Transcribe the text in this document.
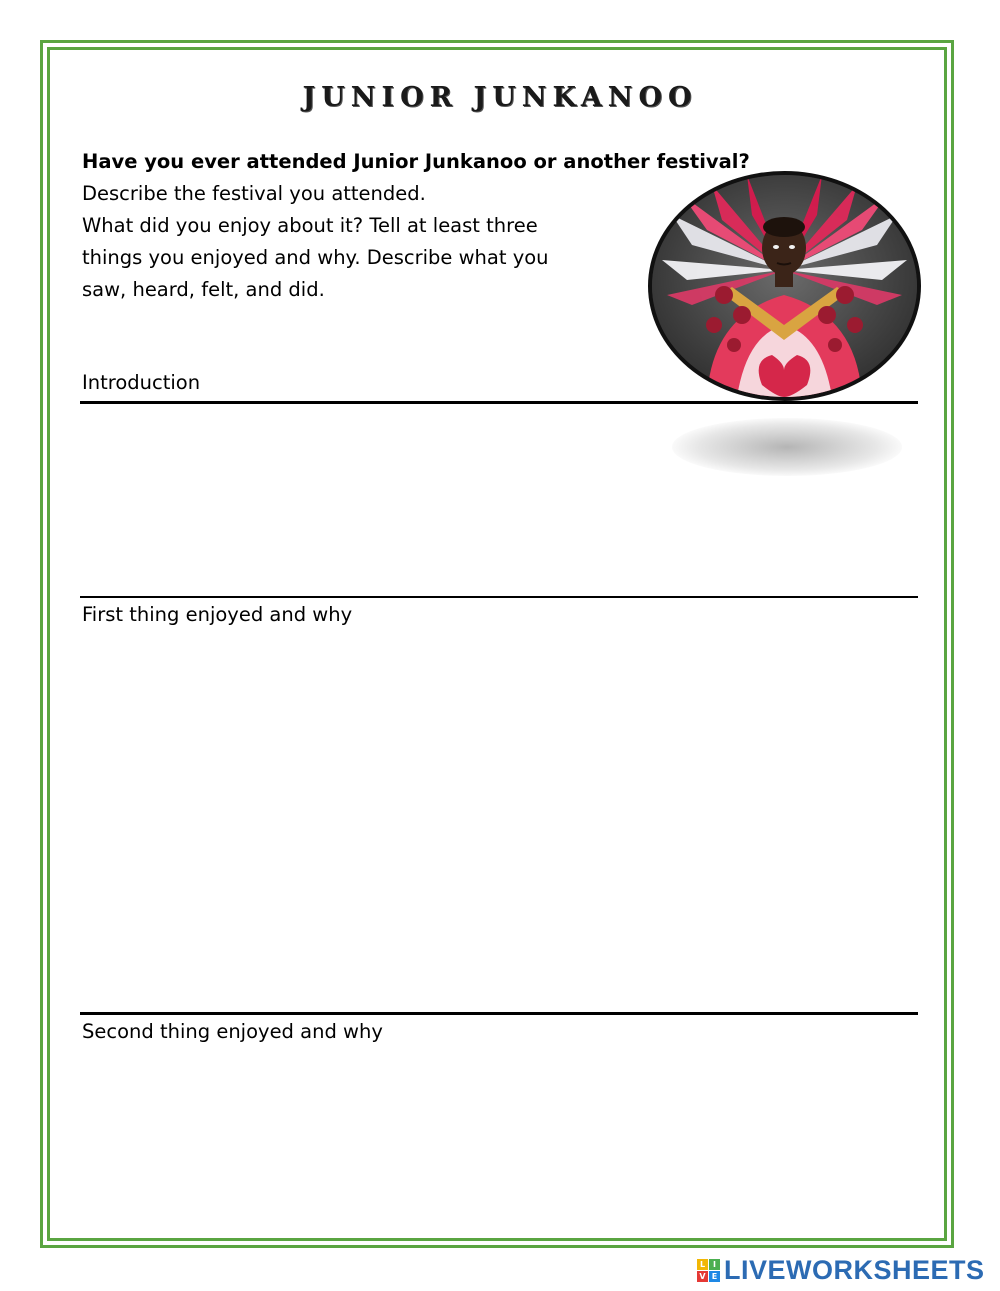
JUNIOR JUNKANOO
Have you ever attended Junior Junkanoo or another festival?
Describe the festival you attended.
What did you enjoy about it? Tell at least three
things you enjoyed and why. Describe what you
saw, heard, felt, and did.
Introduction
First thing enjoyed and why
Second thing enjoyed and why
L I
V E LIVEWORKSHEETS
